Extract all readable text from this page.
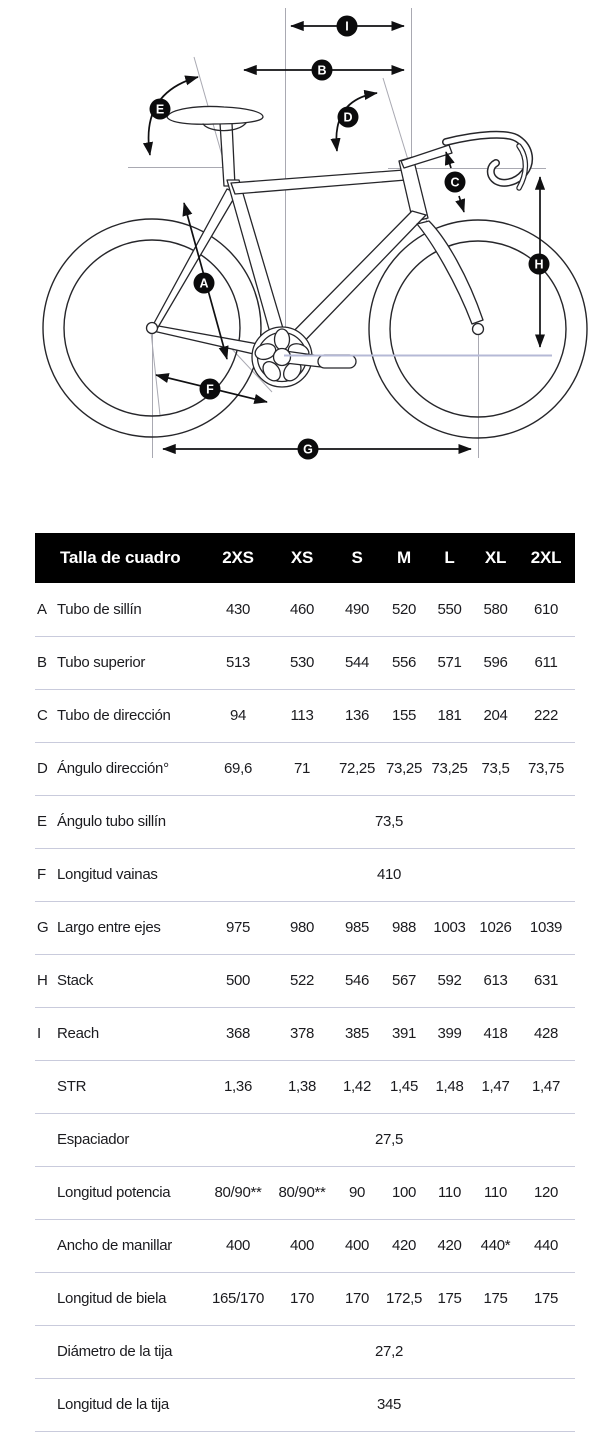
I
B
E
D
C
H
A
F
G
Talla de cuadro		2XS	XS	S	M	L	XL	2XL
A	Tubo de sillín	430	460	490	520	550	580	610
B	Tubo superior	513	530	544	556	571	596	611
C	Tubo de dirección	94	113	136	155	181	204	222
D	Ángulo dirección°	69,6	71	72,25	73,25	73,25	73,5	73,75
E	Ángulo tubo sillín	73,5						
F	Longitud vainas	410						
G	Largo entre ejes	975	980	985	988	1003	1026	1039
H	Stack	500	522	546	567	592	613	631
I	Reach	368	378	385	391	399	418	428
	STR	1,36	1,38	1,42	1,45	1,48	1,47	1,47
	Espaciador	27,5						
	Longitud potencia	80/90**	80/90**	90	100	110	110	120
	Ancho de manillar	400	400	400	420	420	440*	440
	Longitud de biela	165/170	170	170	172,5	175	175	175
	Diámetro de la tija	27,2						
	Longitud de la tija	345						
